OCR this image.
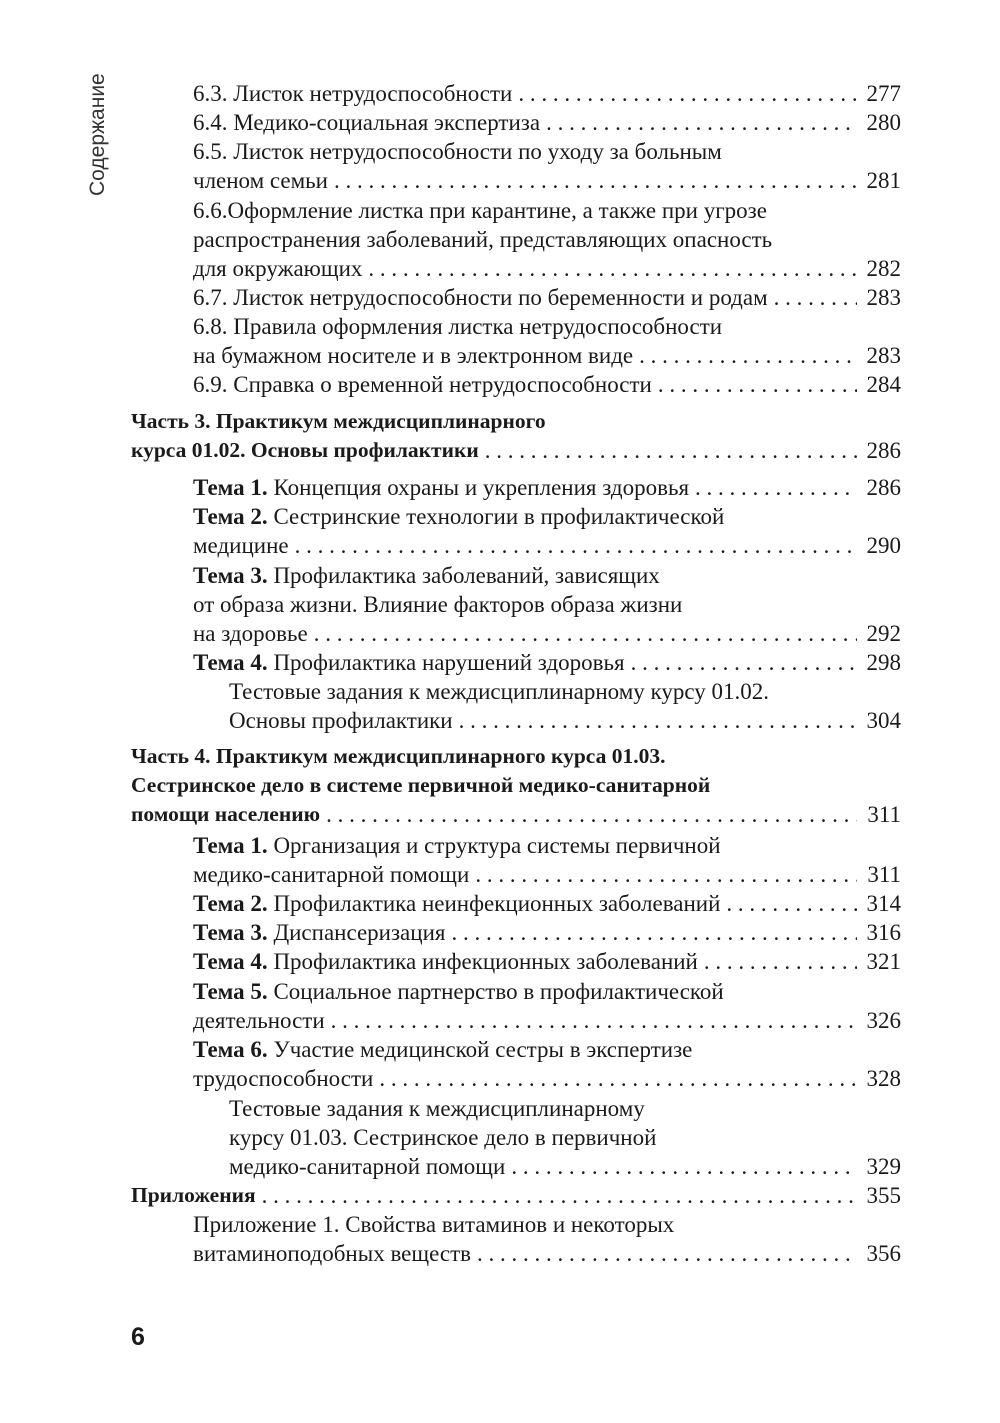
Содержание	6.3. Листок нетрудоспособности . . .	277
6.4. Медико-социальная экспертиза . . .	280
6.5. Листок нетрудоспособности по уходу за больным
членом семьи . . .	281
6.6.Оформление листка при карантине, а также при угрозе
распространения заболеваний, представляющих опасность
для окружающих . . .	282
6.7. Листок нетрудоспособности по беременности и родам . . .	283
6.8. Правила оформления листка нетрудоспособности
на бумажном носителе и в электронном виде . . .	283
6.9. Справка о временной нетрудоспособности . . .	284
Часть 3. Практикум междисциплинарного
курса 01.02. Основы профилактики . . .	286
Тема 1. Концепция охраны и укрепления здоровья . . .	286
Тема 2. Сестринские технологии в профилактической
медицине . . .	290
Тема 3. Профилактика заболеваний, зависящих
от образа жизни. Влияние факторов образа жизни
на здоровье . . .	292
Тема 4. Профилактика нарушений здоровья . . .	298
Тестовые задания к междисциплинарному курсу 01.02.
Основы профилактики . . .	304
Часть 4. Практикум междисциплинарного курса 01.03.
Сестринское дело в системе первичной медико-санитарной
помощи населению . . .	311
Тема 1. Организация и структура системы первичной
медико-санитарной помощи . . .	311
Тема 2. Профилактика неинфекционных заболеваний . . .	314
Тема 3. Диспансеризация . . .	316
Тема 4. Профилактика инфекционных заболеваний . . .	321
Тема 5. Социальное партнерство в профилактической
деятельности . . .	326
Тема 6. Участие медицинской сестры в экспертизе
трудоспособности . . .	328
Тестовые задания к междисциплинарному
курсу 01.03. Сестринское дело в первичной
медико-санитарной помощи . . .	329
Приложения . . .	355
Приложение 1. Свойства витаминов и некоторых
витаминоподобных веществ . . .	356
6
